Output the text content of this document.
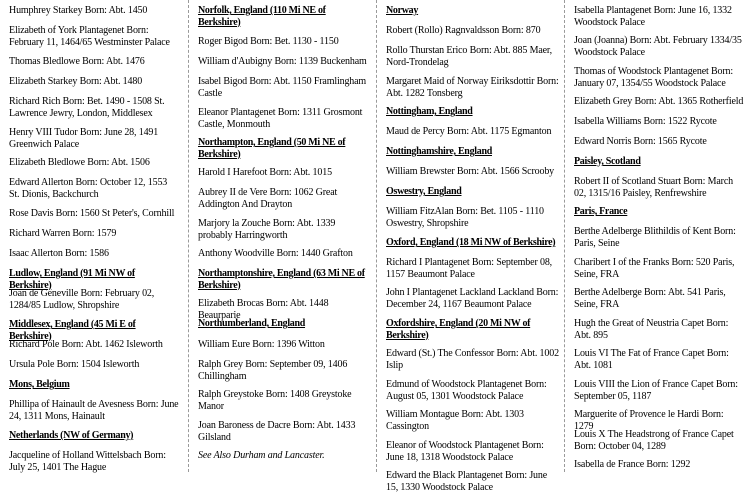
Humphrey Starkey Born: Abt. 1450

Elizabeth of York Plantagenet Born: February 11, 1464/65 Westminster Palace

Thomas Bledlowe Born: Abt. 1476

Elizabeth Starkey Born: Abt. 1480

Richard Rich Born: Bet. 1490 - 1508 St. Lawrence Jewry, London, Middlesex

Henry VIII Tudor Born: June 28, 1491 Greenwich Palace

Elizabeth Bledlowe Born: Abt. 1506

Edward Allerton Born: October 12, 1553 St. Dionis, Backchurch

Rose Davis Born: 1560 St Peter's, Cornhill

Richard Warren Born: 1579

Isaac Allerton Born: 1586

Ludlow, England (91 Mi NW of Berkshire)

Joan de Geneville Born: February 02, 1284/85 Ludlow, Shropshire

Middlesex, England (45 Mi E of Berkshire)

Richard Pole Born: Abt. 1462 Isleworth

Ursula Pole Born: 1504 Isleworth

Mons, Belgium

Phillipa of Hainault de Avesness Born: June 24, 1311 Mons, Hainault

Netherlands (NW of Germany)

Jacqueline of Holland Wittelsbach Born: July 25, 1401 The Hague

Norfolk, England (110 Mi NE of Berkshire)

Roger Bigod Born: Bet. 1130 - 1150

William d'Aubigny Born: 1139 Buckenham

Isabel Bigod Born: Abt. 1150 Framlingham Castle

Eleanor Plantagenet Born: 1311 Grosmont Castle, Monmouth

Northampton, England (50 Mi NE of Berkshire)

Harold I Harefoot Born: Abt. 1015

Aubrey II de Vere Born: 1062 Great Addington And Drayton

Marjory la Zouche Born: Abt. 1339 probably Harringworth

Anthony Woodville Born: 1440 Grafton

Northamptonshire, England (63 Mi NE of Berkshire)

Elizabeth Brocas Born: Abt. 1448 Beaurparie

Northumberland, England

William Eure Born: 1396 Witton

Ralph Grey Born: September 09, 1406 Chillingham

Ralph Greystoke Born: 1408 Greystoke Manor

Joan Baroness de Dacre Born: Abt. 1433 Gilsland

See Also Durham and Lancaster.

Norway

Robert (Rollo) Ragnvaldsson Born: 870

Rollo Thurstan Erico Born: Abt. 885 Maer, Nord-Trondelag

Margaret Maid of Norway Eiriksdottir Born: Abt. 1282 Tonsberg

Nottingham, England

Maud de Percy Born: Abt. 1175 Egmanton

Nottinghamshire, England

William Brewster Born: Abt. 1566 Scrooby

Oswestry, England

William FitzAlan Born: Bet. 1105 - 1110 Oswestry, Shropshire

Oxford, England (18 Mi NW of Berkshire)

Richard I Plantagenet Born: September 08, 1157 Beaumont Palace

John I Plantagenet Lackland Lackland Born: December 24, 1167 Beaumont Palace

Oxfordshire, England (20 Mi NW of Berkshire)

Edward (St.) The Confessor Born: Abt. 1002 Islip

Edmund of Woodstock Plantagenet Born: August 05, 1301 Woodstock Palace

William Montague Born: Abt. 1303 Cassington

Eleanor of Woodstock Plantagenet Born: June 18, 1318 Woodstock Palace

Edward the Black Plantagenet Born: June 15, 1330 Woodstock Palace

Isabella Plantagenet Born: June 16, 1332 Woodstock Palace

Joan (Joanna) Born: Abt. February 1334/35 Woodstock Palace

Thomas of Woodstock Plantagenet Born: January 07, 1354/55 Woodstock Palace

Elizabeth Grey Born: Abt. 1365 Rotherfield

Isabella Williams Born: 1522 Rycote

Edward Norris Born: 1565 Rycote

Paisley, Scotland

Robert II of Scotland Stuart Born: March 02, 1315/16 Paisley, Renfrewshire

Paris, France

Berthe Adelberge Blithildis of Kent Born: Paris, Seine

Charibert I of the Franks Born: 520 Paris, Seine, FRA

Berthe Adelberge Born: Abt. 541 Paris, Seine, FRA

Hugh the Great of Neustria Capet Born: Abt. 895

Louis VI The Fat of France Capet Born: Abt. 1081

Louis VIII the Lion of France Capet Born: September 05, 1187

Marguerite of Provence le Hardi Born: 1279

Louis X The Headstrong of France Capet Born: October 04, 1289

Isabella de France Born: 1292
